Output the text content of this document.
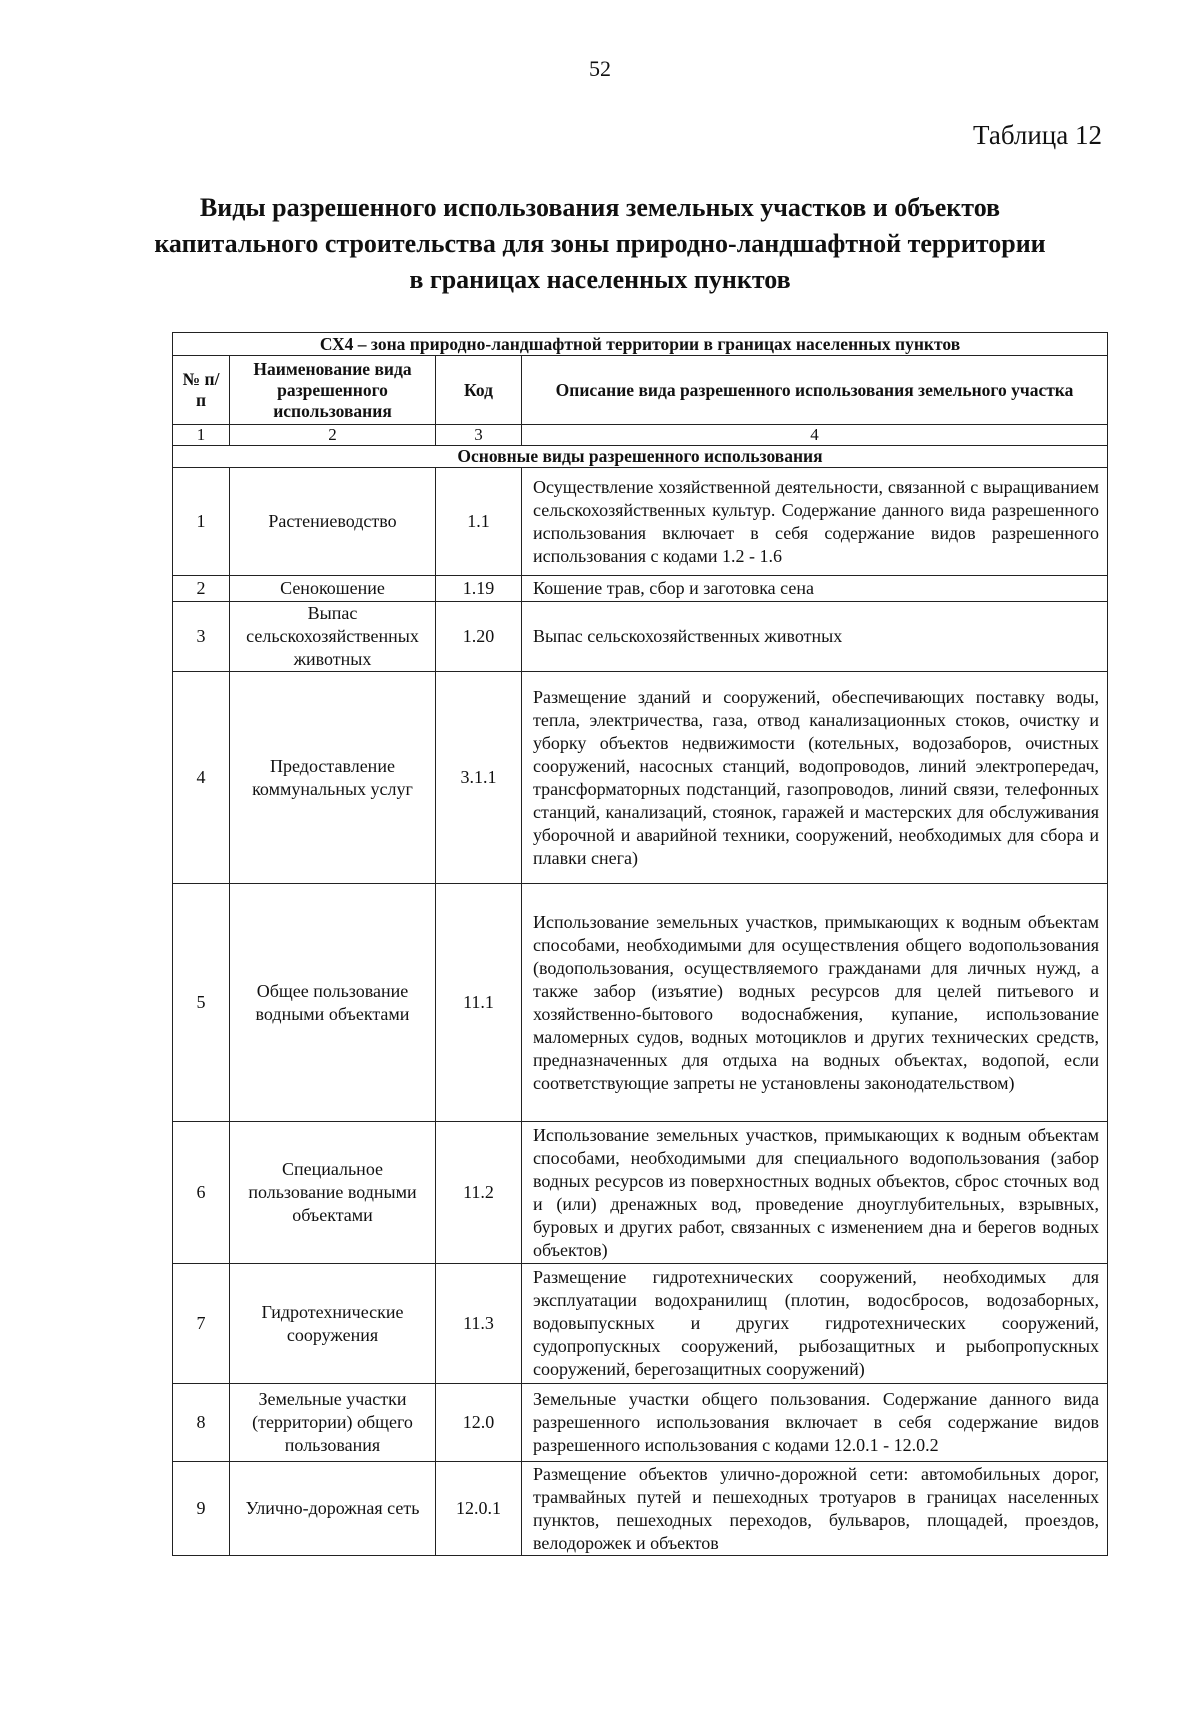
52
Таблица 12
Виды разрешенного использования земельных участков и объектов капитального строительства для зоны природно-ландшафтной территории в границах населенных пунктов
СХ4 – зона природно-ландшафтной территории в границах населенных пунктов			
№ п/п	Наименование вида разрешенного использования	Код	Описание вида разрешенного использования земельного участка
1	2	3	4
Основные виды разрешенного использования			
1	Растениеводство	1.1	Осуществление хозяйственной деятельности, связанной с выращиванием сельскохозяйственных культур. Содержание данного вида разрешенного использования включает в себя содержание видов разрешенного использования с кодами 1.2 - 1.6
2	Сенокошение	1.19	Кошение трав, сбор и заготовка сена
3	Выпас сельскохозяйственных животных	1.20	Выпас сельскохозяйственных животных
4	Предоставление коммунальных услуг	3.1.1	Размещение зданий и сооружений, обеспечивающих поставку воды, тепла, электричества, газа, отвод канализационных стоков, очистку и уборку объектов недвижимости (котельных, водозаборов, очистных сооружений, насосных станций, водопроводов, линий электропередач, трансформаторных подстанций, газопроводов, линий связи, телефонных станций, канализаций, стоянок, гаражей и мастерских для обслуживания уборочной и аварийной техники, сооружений, необходимых для сбора и плавки снега)
5	Общее пользование водными объектами	11.1	Использование земельных участков, примыкающих к водным объектам способами, необходимыми для осуществления общего водопользования (водопользования, осуществляемого гражданами для личных нужд, а также забор (изъятие) водных ресурсов для целей питьевого и хозяйственно-бытового водоснабжения, купание, использование маломерных судов, водных мотоциклов и других технических средств, предназначенных для отдыха на водных объектах, водопой, если соответствующие запреты не установлены законодательством)
6	Специальное пользование водными объектами	11.2	Использование земельных участков, примыкающих к водным объектам способами, необходимыми для специального водопользования (забор водных ресурсов из поверхностных водных объектов, сброс сточных вод и (или) дренажных вод, проведение дноуглубительных, взрывных, буровых и других работ, связанных с изменением дна и берегов водных объектов)
7	Гидротехнические сооружения	11.3	Размещение гидротехнических сооружений, необходимых для эксплуатации водохранилищ (плотин, водосбросов, водозаборных, водовыпускных и других гидротехнических сооружений, судопропускных сооружений, рыбозащитных и рыбопропускных сооружений, берегозащитных сооружений)
8	Земельные участки (территории) общего пользования	12.0	Земельные участки общего пользования. Содержание данного вида разрешенного использования включает в себя содержание видов разрешенного использования с кодами 12.0.1 - 12.0.2
9	Улично-дорожная сеть	12.0.1	Размещение объектов улично-дорожной сети: автомобильных дорог, трамвайных путей и пешеходных тротуаров в границах населенных пунктов, пешеходных переходов, бульваров, площадей, проездов, велодорожек и объектов
